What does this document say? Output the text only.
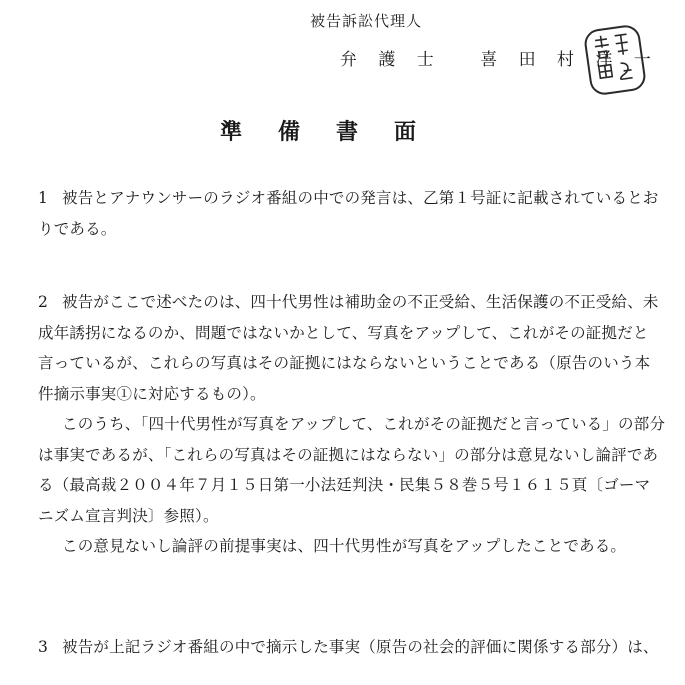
被告訴訟代理人
弁 護 士　 喜 田 村 洋 一
準備書面
1 被告とアナウンサーのラジオ番組の中での発言は、乙第１号証に記載されているとお
りである。
2 被告がここで述べたのは、四十代男性は補助金の不正受給、生活保護の不正受給、未
成年誘拐になるのか、問題ではないかとして、写真をアップして、これがその証拠だと
言っているが、これらの写真はその証拠にはならないということである（原告のいう本
件摘示事実①に対応するもの）。
このうち、「四十代男性が写真をアップして、これがその証拠だと言っている」の部分
は事実であるが、「これらの写真はその証拠にはならない」の部分は意見ないし論評であ
る（最高裁２００４年７月１５日第一小法廷判決・民集５８巻５号１６１５頁〔ゴーマ
ニズム宣言判決〕参照）。
この意見ないし論評の前提事実は、四十代男性が写真をアップしたことである。
3 被告が上記ラジオ番組の中で摘示した事実（原告の社会的評価に関係する部分）は、
